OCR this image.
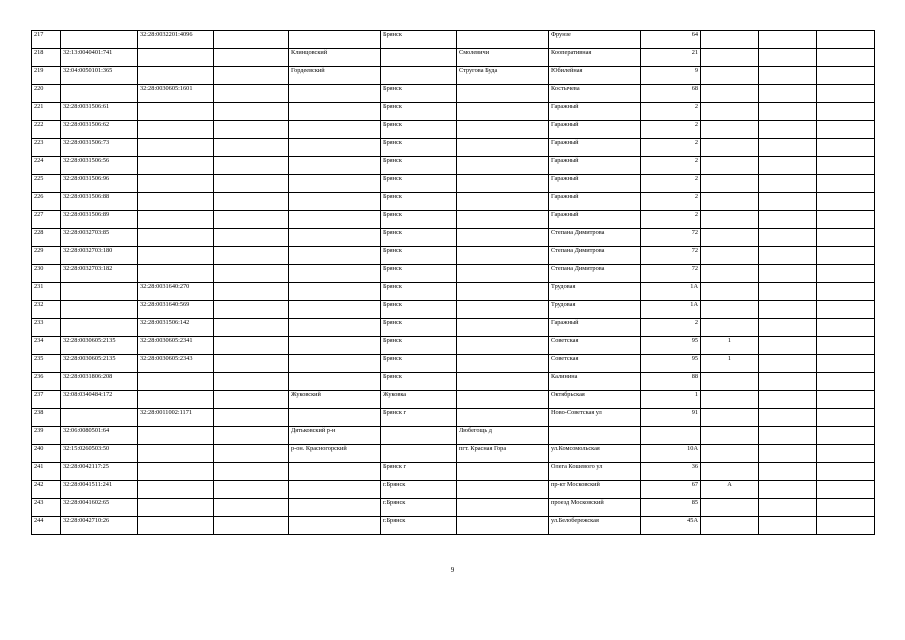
217		32:28:0032201:4096			Брянск		Фрунзе	64			
218	32:13:0040401:741			Клинцовский		Смолевичи	Кооперативная	21			
219	32:04:0050101:365			Гордеевский		Струговa Буда	Юбилейная	9			
220		32:28:0030605:1601			Брянск		Костычева	68			
221	32:28:0031506:61				Брянск		Гаражный	2			
222	32:28:0031506:62				Брянск		Гаражный	2			
223	32:28:0031506:73				Брянск		Гаражный	2			
224	32:28:0031506:56				Брянск		Гаражный	2			
225	32:28:0031506:96				Брянск		Гаражный	2			
226	32:28:0031506:88				Брянск		Гаражный	2			
227	32:28:0031506:89				Брянск		Гаражный	2			
228	32:28:0032703:85				Брянск		Степана Димитрова	72			
229	32:28:0032703:180				Брянск		Степана Димитрова	72			
230	32:28:0032703:182				Брянск		Степана Димитрова	72			
231		32:28:0031640:270			Брянск		Трудовая	1А			
232		32:28:0031640:569			Брянск		Трудовая	1А			
233		32:28:0031506:142			Брянск		Гаражный	2			
234	32:28:0030605:2135	32:28:0030605:2341			Брянск		Советская	95	1		
235	32:28:0030605:2135	32:28:0030605:2343			Брянск		Советская	95	1		
236	32:28:0031806:208				Брянск		Калинина	88			
237	32:08:0340484:172			Жуковский	Жуковка		Октябрьская	1			
238		32:28:0011002:1171			Брянск г		Ново-Советская ул	91			
239	32:06:0080501:64			Дятьковский р-н		Любегощь д					
240	32:15:0260503:50			р-он. Красногорский		пгт. Красная Гора	ул.Комсомольская	10А			
241	32:28:0042117:25				Брянск г		Олега Кошевого ул	36			
242	32:28:0041511:241				г.Брянск		пр-кт Московский	67	А		
243	32:28:0041602:65				г.Брянск		проезд Московский	85			
244	32:28:0042710:26				г.Брянск		ул.Белобережская	45А			
9
